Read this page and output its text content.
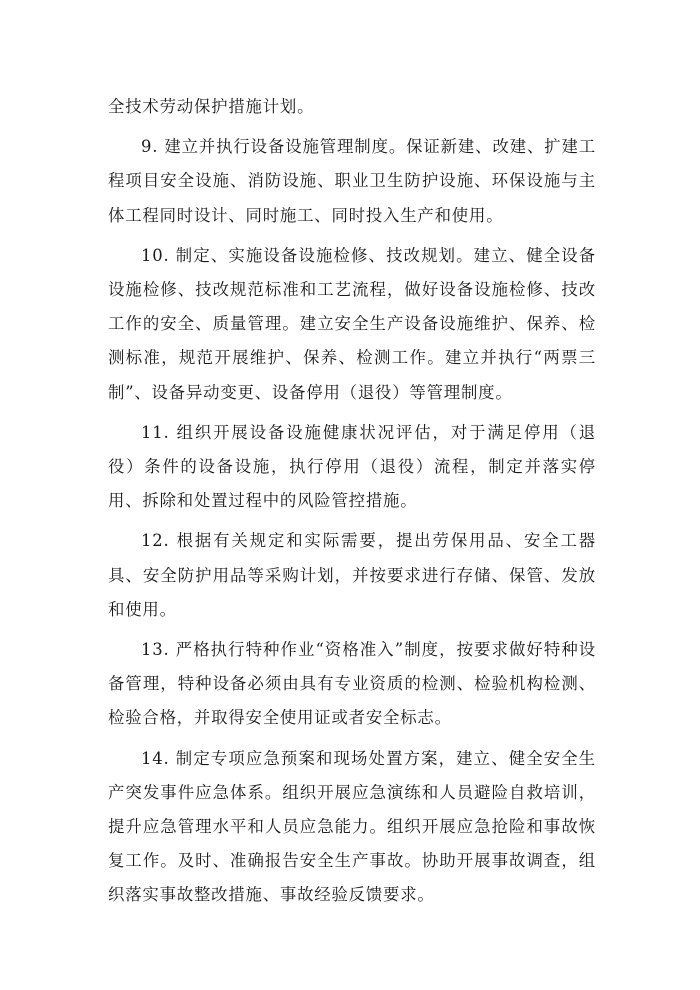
全技术劳动保护措施计划。

9. 建立并执行设备设施管理制度。保证新建、改建、扩建工程项目安全设施、消防设施、职业卫生防护设施、环保设施与主体工程同时设计、同时施工、同时投入生产和使用。

10. 制定、实施设备设施检修、技改规划。建立、健全设备设施检修、技改规范标准和工艺流程，做好设备设施检修、技改工作的安全、质量管理。建立安全生产设备设施维护、保养、检测标准，规范开展维护、保养、检测工作。建立并执行“两票三制”、设备异动变更、设备停用（退役）等管理制度。

11. 组织开展设备设施健康状况评估，对于满足停用（退役）条件的设备设施，执行停用（退役）流程，制定并落实停用、拆除和处置过程中的风险管控措施。

12. 根据有关规定和实际需要，提出劳保用品、安全工器具、安全防护用品等采购计划，并按要求进行存储、保管、发放和使用。

13. 严格执行特种作业“资格准入”制度，按要求做好特种设备管理，特种设备必须由具有专业资质的检测、检验机构检测、检验合格，并取得安全使用证或者安全标志。

14. 制定专项应急预案和现场处置方案，建立、健全安全生产突发事件应急体系。组织开展应急演练和人员避险自救培训，提升应急管理水平和人员应急能力。组织开展应急抢险和事故恢复工作。及时、准确报告安全生产事故。协助开展事故调查，组织落实事故整改措施、事故经验反馈要求。
